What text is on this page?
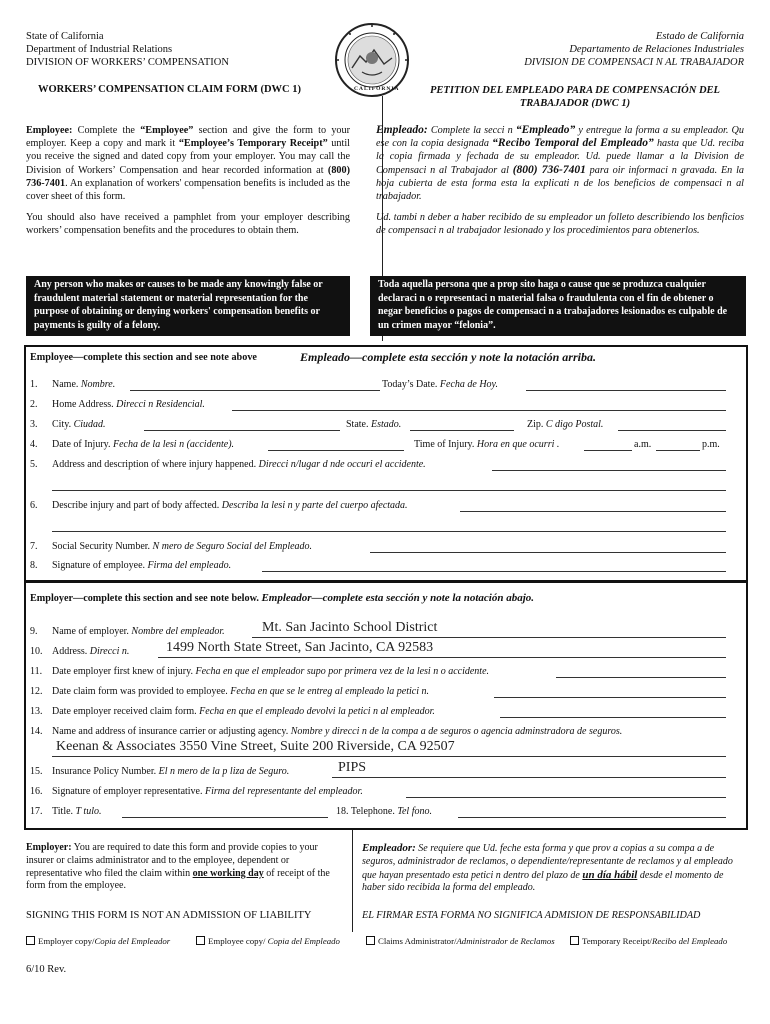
State of California
Department of Industrial Relations
DIVISION OF WORKERS’ COMPENSATION
Estado de California
Departamento de Relaciones Industriales
DIVISION DE COMPENSACI N AL TRABAJADOR
CALIFORNIA
WORKERS’ COMPENSATION CLAIM FORM (DWC 1)	PETITION DEL EMPLEADO PARA DE COMPENSACIÓN DEL TRABAJADOR (DWC 1)
Employee: Complete the “Employee” section and give the form to your employer. Keep a copy and mark it “Employee’s Temporary Receipt” until you receive the signed and dated copy from your employer. You may call the Division of Workers’ Compensation and hear recorded information at (800) 736-7401. An explanation of workers' compensation benefits is included as the cover sheet of this form.
You should also have received a pamphlet from your employer describing workers’ compensation benefits and the procedures to obtain them.
Empleado: Complete la secci n “Empleado” y entregue la forma a su empleador. Qu ese con la copia designada “Recibo Temporal del Empleado” hasta que Ud. reciba la copia firmada y fechada de su empleador. Ud. puede llamar a la Division de Compensaci n al Trabajador al (800) 736-7401 para oir informaci n gravada. En la hoja cubierta de esta forma esta la explicati n de los beneficios de compensaci n al trabajador.
Ud. tambi n deber a haber recibido de su empleador un folleto describiendo los benficios de compensaci n al trabajador lesionado y los procedimientos para obtenerlos.
Any person who makes or causes to be made any knowingly false or fraudulent material statement or material representation for the purpose of obtaining or denying workers' compensation benefits or payments is guilty of a felony.
Toda aquella persona que a prop sito haga o cause que se produzca cualquier declaraci n o representaci n material falsa o fraudulenta con el fin de obtener o negar beneficios o pagos de compensaci n a trabajadores lesionados es culpable de un crimen mayor “felonia”.
Employee—complete this section and see note above	Empleado—complete esta sección y note la notación arriba.
1. Name. Nombre.	Today’s Date. Fecha de Hoy.
2. Home Address. Direcci n Residencial.
3. City. Ciudad.	State. Estado.	Zip. C digo Postal.
4. Date of Injury. Fecha de la lesi n (accidente).	Time of Injury. Hora en que ocurri .	a.m.	p.m.
5. Address and description of where injury happened. Direcci n/lugar d nde occuri el accidente.
6. Describe injury and part of body affected. Describa la lesi n y parte del cuerpo afectada.
7. Social Security Number. N mero de Seguro Social del Empleado.
8. Signature of employee. Firma del empleado.
Employer—complete this section and see note below. Empleador—complete esta sección y note la notación abajo.
9. Name of employer. Nombre del empleador.	Mt. San Jacinto School District
10. Address. Direcci n.	1499 North State Street, San Jacinto, CA 92583
11. Date employer first knew of injury. Fecha en que el empleador supo por primera vez de la lesi n o accidente.
12. Date claim form was provided to employee. Fecha en que se le entreg al empleado la petici n.
13. Date employer received claim form. Fecha en que el empleado devolvi la petici n al empleador.
14. Name and address of insurance carrier or adjusting agency. Nombre y direcci n de la compa a de seguros o agencia adminstradora de seguros.
Keenan & Associates 3550 Vine Street, Suite 200 Riverside, CA 92507
15. Insurance Policy Number. El n mero de la p liza de Seguro.	PIPS
16. Signature of employer representative. Firma del representante del empleador.
17. Title. T tulo.	18. Telephone. Tel fono.
Employer: You are required to date this form and provide copies to your insurer or claims administrator and to the employee, dependent or representative who filed the claim within one working day of receipt of the form from the employee.
Empleador: Se requiere que Ud. feche esta forma y que prov a copias a su compa a de seguros, administrador de reclamos, o dependiente/representante de reclamos y al empleado que hayan presentado esta petici n dentro del plazo de un día hábil desde el momento de haber sido recibida la forma del empleado.
SIGNING THIS FORM IS NOT AN ADMISSION OF LIABILITY	EL FIRMAR ESTA FORMA NO SIGNIFICA ADMISION DE RESPONSABILIDAD
Employer copy/Copia del Empleador	Employee copy/ Copia del Empleado	Claims Administrator/Administrador de Reclamos	Temporary Receipt/Recibo del Empleado
6/10 Rev.
